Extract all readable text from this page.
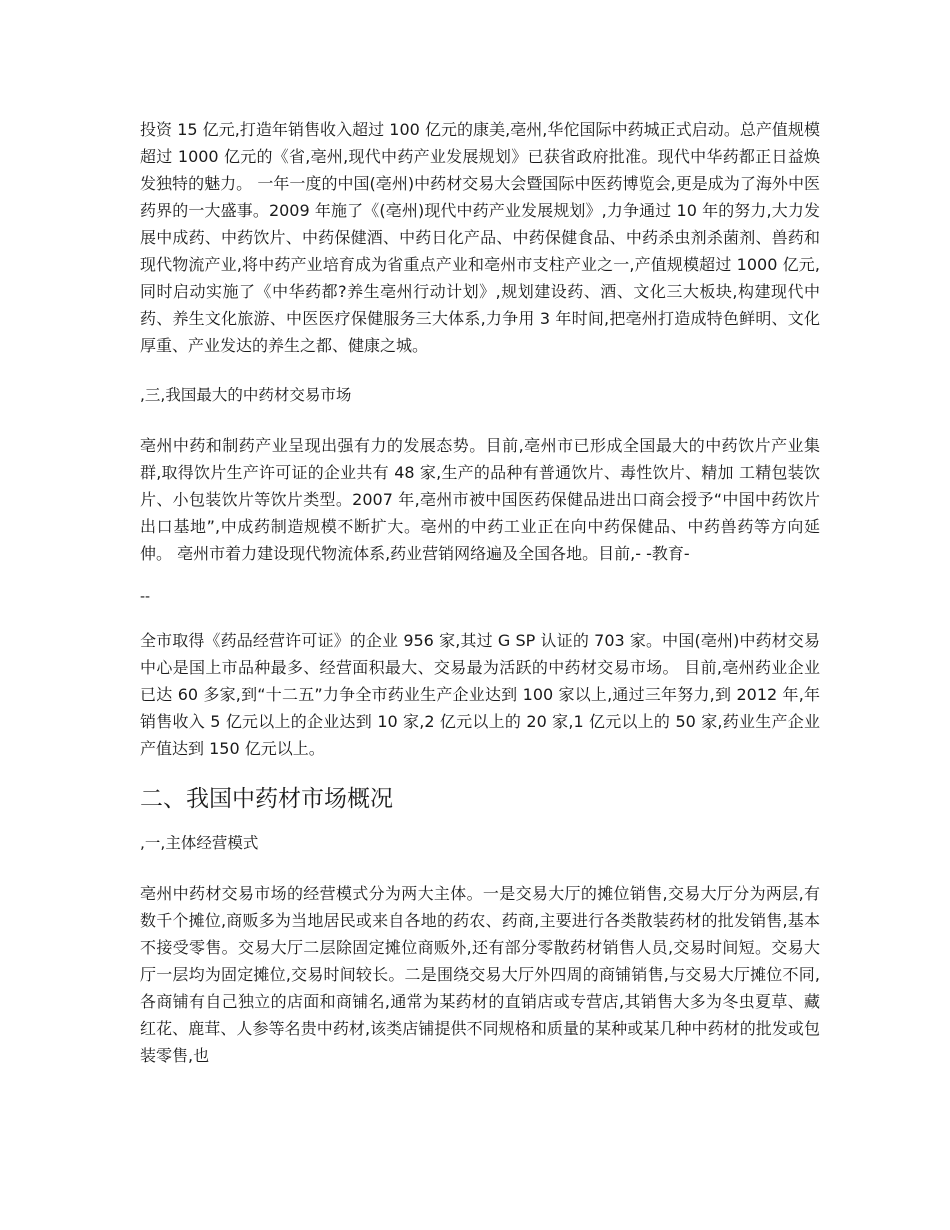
投资 15 亿元,打造年销售收入超过 100 亿元的康美,亳州,华佗国际中药城正式启动。总产值规模超过 1000 亿元的《省,亳州,现代中药产业发展规划》已获省政府批准。现代中华药都正日益焕发独特的魅力。 一年一度的中国(亳州)中药材交易大会暨国际中医药博览会,更是成为了海外中医药界的一大盛事。2009 年施了《(亳州)现代中药产业发展规划》,力争通过 10 年的努力,大力发展中成药、中药饮片、中药保健酒、中药日化产品、中药保健食品、中药杀虫剂杀菌剂、兽药和现代物流产业,将中药产业培育成为省重点产业和亳州市支柱产业之一,产值规模超过 1000 亿元,同时启动实施了《中华药都?养生亳州行动计划》,规划建设药、酒、文化三大板块,构建现代中药、养生文化旅游、中医医疗保健服务三大体系,力争用 3 年时间,把亳州打造成特色鲜明、文化厚重、产业发达的养生之都、健康之城。

,三,我国最大的中药材交易市场

亳州中药和制药产业呈现出强有力的发展态势。目前,亳州市已形成全国最大的中药饮片产业集群,取得饮片生产许可证的企业共有 48 家,生产的品种有普通饮片、毒性饮片、精加 工精包装饮片、小包装饮片等饮片类型。2007 年,亳州市被中国医药保健品进出口商会授予“中国中药饮片出口基地”,中成药制造规模不断扩大。亳州的中药工业正在向中药保健品、中药兽药等方向延伸。 亳州市着力建设现代物流体系,药业营销网络遍及全国各地。目前,- -教育-

--

全市取得《药品经营许可证》的企业 956 家,其过 G SP 认证的 703 家。中国(亳州)中药材交易中心是国上市品种最多、经营面积最大、交易最为活跃的中药材交易市场。 目前,亳州药业企业已达 60 多家,到“十二五”力争全市药业生产企业达到 100 家以上,通过三年努力,到 2012 年,年销售收入 5 亿元以上的企业达到 10 家,2 亿元以上的 20 家,1 亿元以上的 50 家,药业生产企业产值达到 150 亿元以上。

二、我国中药材市场概况

,一,主体经营模式

亳州中药材交易市场的经营模式分为两大主体。一是交易大厅的摊位销售,交易大厅分为两层,有数千个摊位,商贩多为当地居民或来自各地的药农、药商,主要进行各类散装药材的批发销售,基本不接受零售。交易大厅二层除固定摊位商贩外,还有部分零散药材销售人员,交易时间短。交易大厅一层均为固定摊位,交易时间较长。二是围绕交易大厅外四周的商铺销售,与交易大厅摊位不同,各商铺有自己独立的店面和商铺名,通常为某药材的直销店或专营店,其销售大多为冬虫夏草、藏红花、鹿茸、人参等名贵中药材,该类店铺提供不同规格和质量的某种或某几种中药材的批发或包装零售,也
